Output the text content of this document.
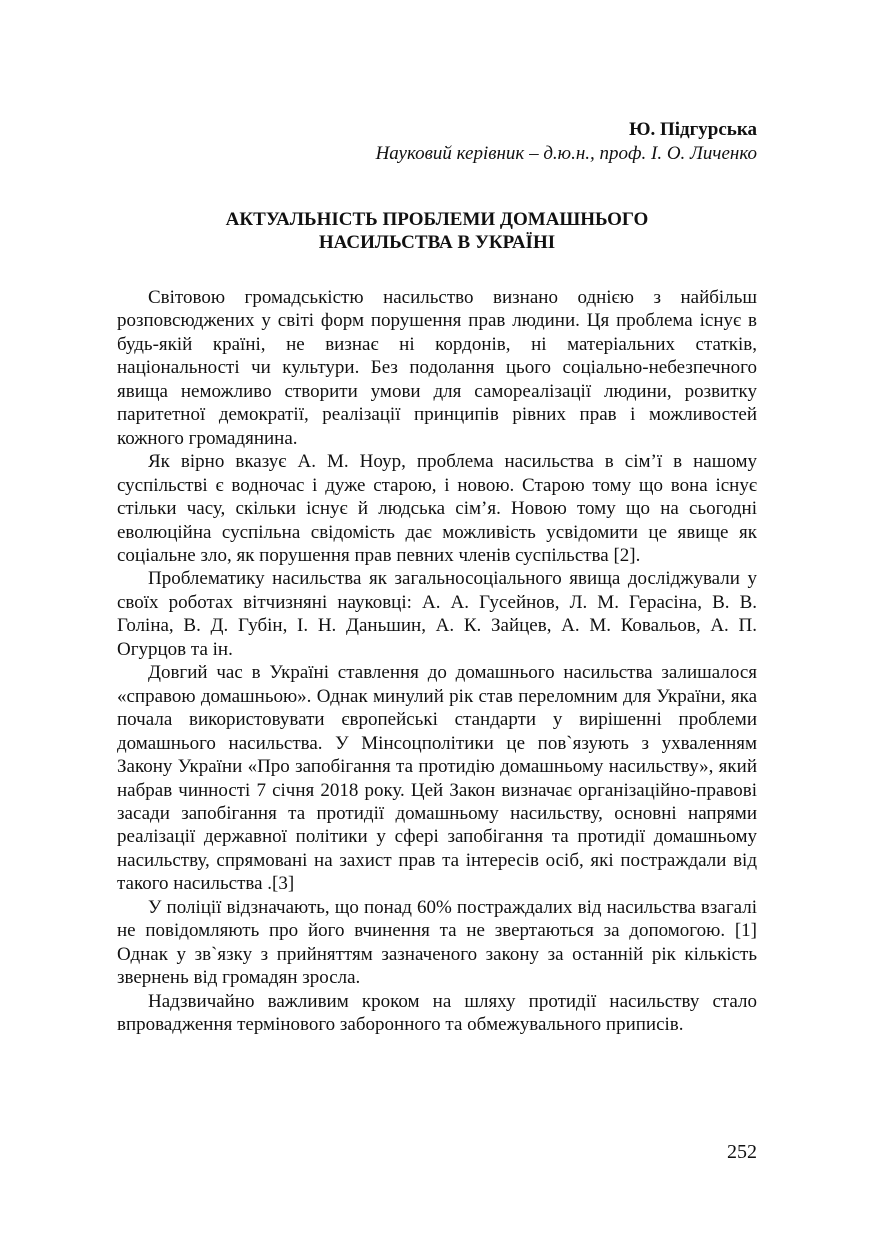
Ю. Підгурська

Науковий керівник – д.ю.н., проф. І. О. Личенко

АКТУАЛЬНІСТЬ ПРОБЛЕМИ ДОМАШНЬОГО
НАСИЛЬСТВА В УКРАЇНІ

Світовою громадськістю насильство визнано однією з найбільш розповсюджених у світі форм порушення прав людини. Ця проблема існує в будь-якій країні, не визнає ні кордонів, ні матеріальних статків, національності чи культури. Без подолання цього соціально-небезпечного явища неможливо створити умови для самореалізації людини, розвитку паритетної демократії, реалізації принципів рівних прав і можливостей кожного громадянина.

Як вірно вказує А. М. Ноур, проблема насильства в сім’ї в нашому суспільстві є водночас і дуже старою, і новою. Старою тому що вона існує стільки часу, скільки існує й людська сім’я. Новою тому що на сьогодні еволюційна суспільна свідомість дає можливість усвідомити це явище як соціальне зло, як порушення прав певних членів суспільства [2].

Проблематику насильства як загальносоціального явища дослiджували у своїх роботах вітчизняні науковці: А. А. Гусейнов, Л. М. Герасіна, В. В. Голіна, В. Д. Губін, І. Н. Даньшин, А. К. Зайцев, А. М. Ковальов, А. П. Огурцов та ін.

Довгий час в Україні ставлення до домашнього насильства залишалося «справою домашньою». Однак минулий рік став переломним для України, яка почала використовувати європейські стандарти у вирішенні проблеми домашнього насильства. У Мінсоцполітики це пов`язують з ухваленням Закону України «Про запобігання та протидію домашньому насильству», який набрав чинності 7 січня 2018 року. Цей Закон визначає організаційно-правові засади запобігання та протидії домашньому насильству, основні напрями реалізації державної політики у сфері запобігання та протидії домашньому насильству, спрямовані на захист прав та інтересів осіб, які постраждали від такого насильства .[3]

У поліції відзначають, що понад 60% постраждалих від насильства взагалі не повідомляють про його вчинення та не звертаються за допомогою. [1] Однак у зв`язку з прийняттям зазначеного закону за останній рік кількість звернень від громадян зросла.

Надзвичайно важливим кроком на шляху протидії насильству стало впровадження термінового заборонного та обмежувального приписів.

252
